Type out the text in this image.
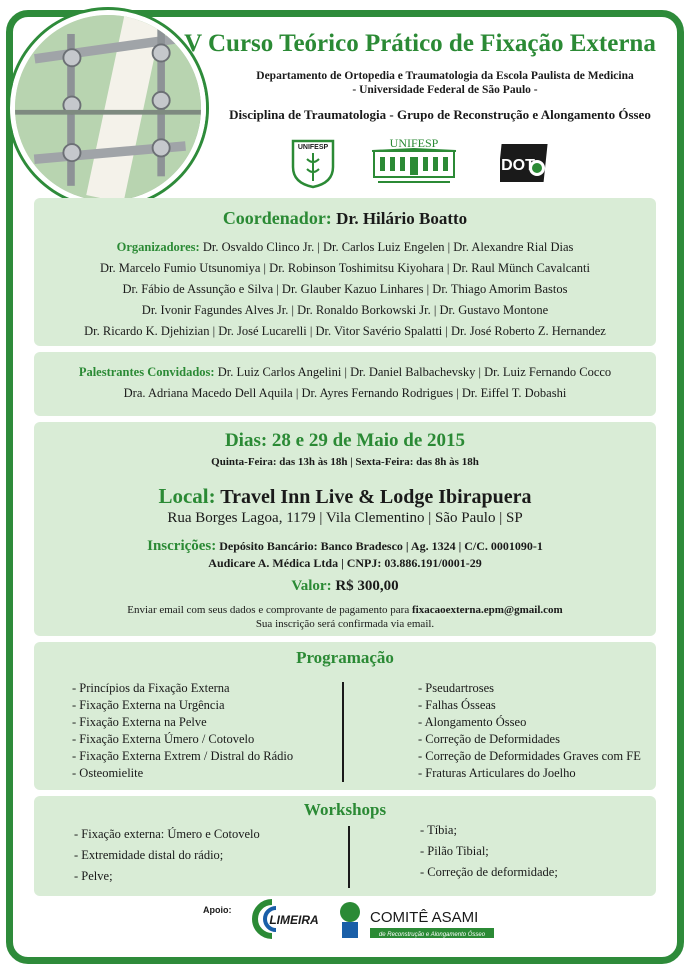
V Curso Teórico Prático de Fixação Externa
Departamento de Ortopedia e Traumatologia da Escola Paulista de Medicina
- Universidade Federal de São Paulo -
Disciplina de Traumatologia - Grupo de Reconstrução e Alongamento Ósseo
UNIFESP	UNIFESP
DOT
Coordenador: Dr. Hilário Boatto
Organizadores: Dr. Osvaldo Clinco Jr. | Dr. Carlos Luiz Engelen | Dr. Alexandre Rial Dias
Dr. Marcelo Fumio Utsunomiya | Dr. Robinson Toshimitsu Kiyohara | Dr. Raul Münch Cavalcanti
Dr. Fábio de Assunção e Silva | Dr. Glauber Kazuo Linhares | Dr. Thiago Amorim Bastos
Dr. Ivonir Fagundes Alves Jr. | Dr. Ronaldo Borkowski Jr. | Dr. Gustavo Montone
Dr. Ricardo K. Djehizian | Dr. José Lucarelli | Dr. Vitor Savério Spalatti | Dr. José Roberto Z. Hernandez
Palestrantes Convidados: Dr. Luiz Carlos Angelini | Dr. Daniel Balbachevsky | Dr. Luiz Fernando Cocco
Dra. Adriana Macedo Dell Aquila | Dr. Ayres Fernando Rodrigues | Dr. Eiffel T. Dobashi
Dias: 28 e 29 de Maio de 2015
Quinta-Feira: das 13h às 18h | Sexta-Feira: das 8h às 18h
Local: Travel Inn Live & Lodge Ibirapuera
Rua Borges Lagoa, 1179 | Vila Clementino | São Paulo | SP
Inscrições: Depósito Bancário: Banco Bradesco | Ag. 1324 | C/C. 0001090-1
Audicare A. Médica Ltda | CNPJ: 03.886.191/0001-29
Valor: R$ 300,00
Enviar email com seus dados e comprovante de pagamento para fixacaoexterna.epm@gmail.com
Sua inscrição será confirmada via email.
Programação
- Princípios da Fixação Externa
- Fixação Externa na Urgência
- Fixação Externa na Pelve
- Fixação Externa Úmero / Cotovelo
- Fixação Externa Extrem / Distral do Rádio
- Osteomielite
- Pseudartroses
- Falhas Ósseas
- Alongamento Ósseo
- Correção de Deformidades
- Correção de Deformidades Graves com FE
- Fraturas Articulares do Joelho
Workshops
- Fixação externa: Úmero e Cotovelo
- Extremidade distal do rádio;
- Pelve;
- Tíbia;
- Pilão Tibial;
- Correção de deformidade;
Apoio:
LIMEIRA	COMITÊ ASAMI
de Reconstrução e Alongamento Ósseo
